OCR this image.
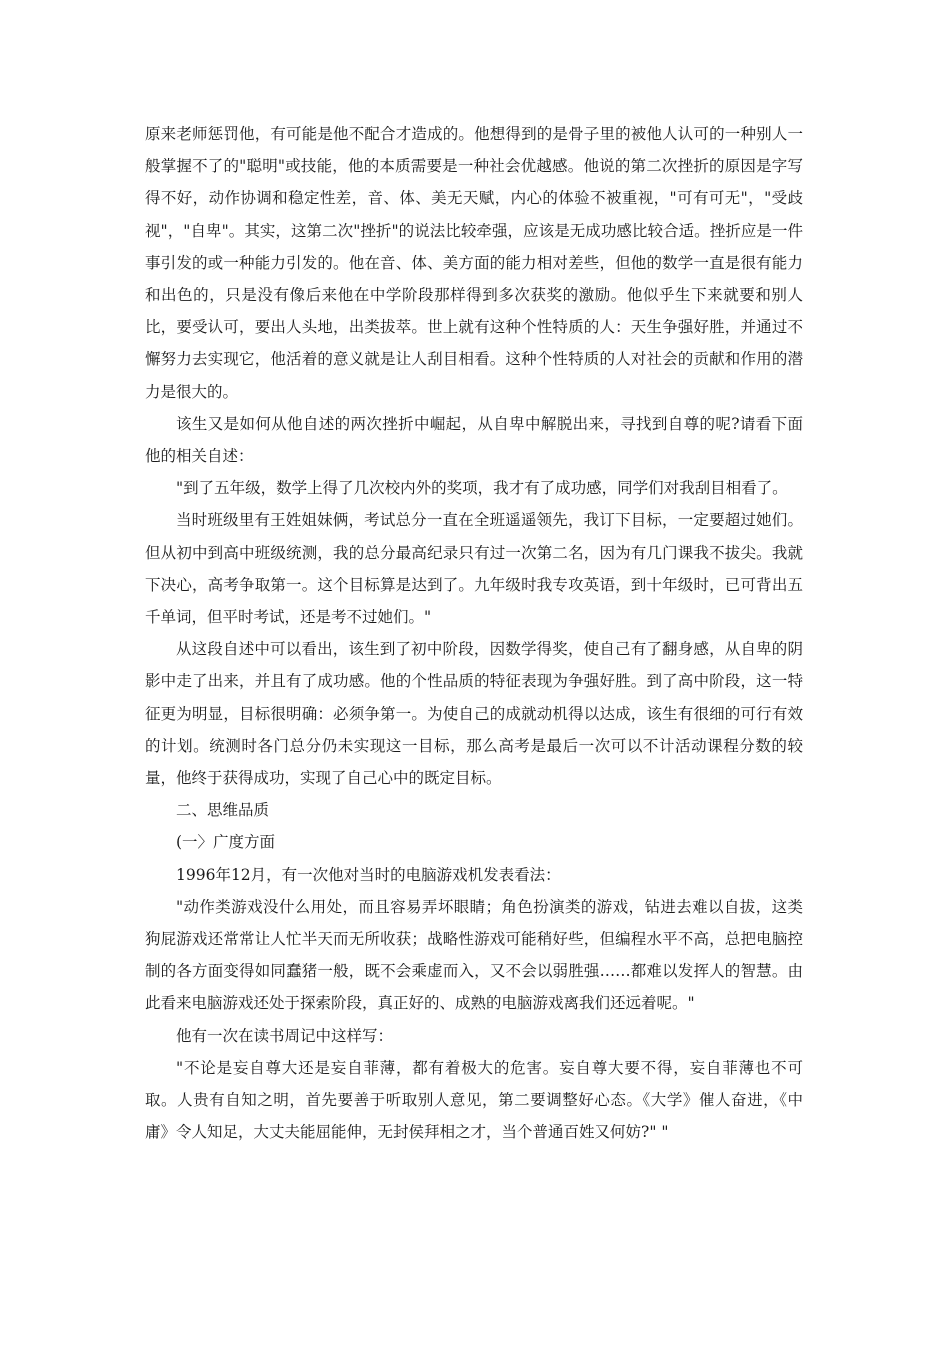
原来老师惩罚他，有可能是他不配合才造成的。他想得到的是骨子里的被他人认可的一种别人一般掌握不了的"聪明"或技能，他的本质需要是一种社会优越感。他说的第二次挫折的原因是字写得不好，动作协调和稳定性差，音、体、美无天赋，内心的体验不被重视，"可有可无"，"受歧视"，"自卑"。其实，这第二次"挫折"的说法比较牵强，应该是无成功感比较合适。挫折应是一件事引发的或一种能力引发的。他在音、体、美方面的能力相对差些，但他的数学一直是很有能力和出色的，只是没有像后来他在中学阶段那样得到多次获奖的激励。他似乎生下来就要和别人比，要受认可，要出人头地，出类拔萃。世上就有这种个性特质的人：天生争强好胜，并通过不懈努力去实现它，他活着的意义就是让人刮目相看。这种个性特质的人对社会的贡献和作用的潜力是很大的。

该生又是如何从他自述的两次挫折中崛起，从自卑中解脱出来，寻找到自尊的呢?请看下面他的相关自述：

"到了五年级，数学上得了几次校内外的奖项，我才有了成功感，同学们对我刮目相看了。

当时班级里有王姓姐妹俩，考试总分一直在全班遥遥领先，我订下目标，一定要超过她们。但从初中到高中班级统测，我的总分最高纪录只有过一次第二名，因为有几门课我不拔尖。我就下决心，高考争取第一。这个目标算是达到了。九年级时我专攻英语，到十年级时，已可背出五千单词，但平时考试，还是考不过她们。"

从这段自述中可以看出，该生到了初中阶段，因数学得奖，使自己有了翻身感，从自卑的阴影中走了出来，并且有了成功感。他的个性品质的特征表现为争强好胜。到了高中阶段，这一特征更为明显，目标很明确：必须争第一。为使自己的成就动机得以达成，该生有很细的可行有效的计划。统测时各门总分仍未实现这一目标，那么高考是最后一次可以不计活动课程分数的较量，他终于获得成功，实现了自己心中的既定目标。

二、思维品质

(一〉广度方面

1996年12月，有一次他对当时的电脑游戏机发表看法：

"动作类游戏没什么用处，而且容易弄坏眼睛；角色扮演类的游戏，钻进去难以自拔，这类狗屁游戏还常常让人忙半天而无所收获；战略性游戏可能稍好些，但编程水平不高，总把电脑控制的各方面变得如同蠢猪一般，既不会乘虚而入，又不会以弱胜强……都难以发挥人的智慧。由此看来电脑游戏还处于探索阶段，真正好的、成熟的电脑游戏离我们还远着呢。"

他有一次在读书周记中这样写：

"不论是妄自尊大还是妄自菲薄，都有着极大的危害。妄自尊大要不得，妄自菲薄也不可取。人贵有自知之明，首先要善于听取别人意见，第二要调整好心态。《大学》催人奋进，《中庸》令人知足，大丈夫能屈能伸，无封侯拜相之才，当个普通百姓又何妨?" "
